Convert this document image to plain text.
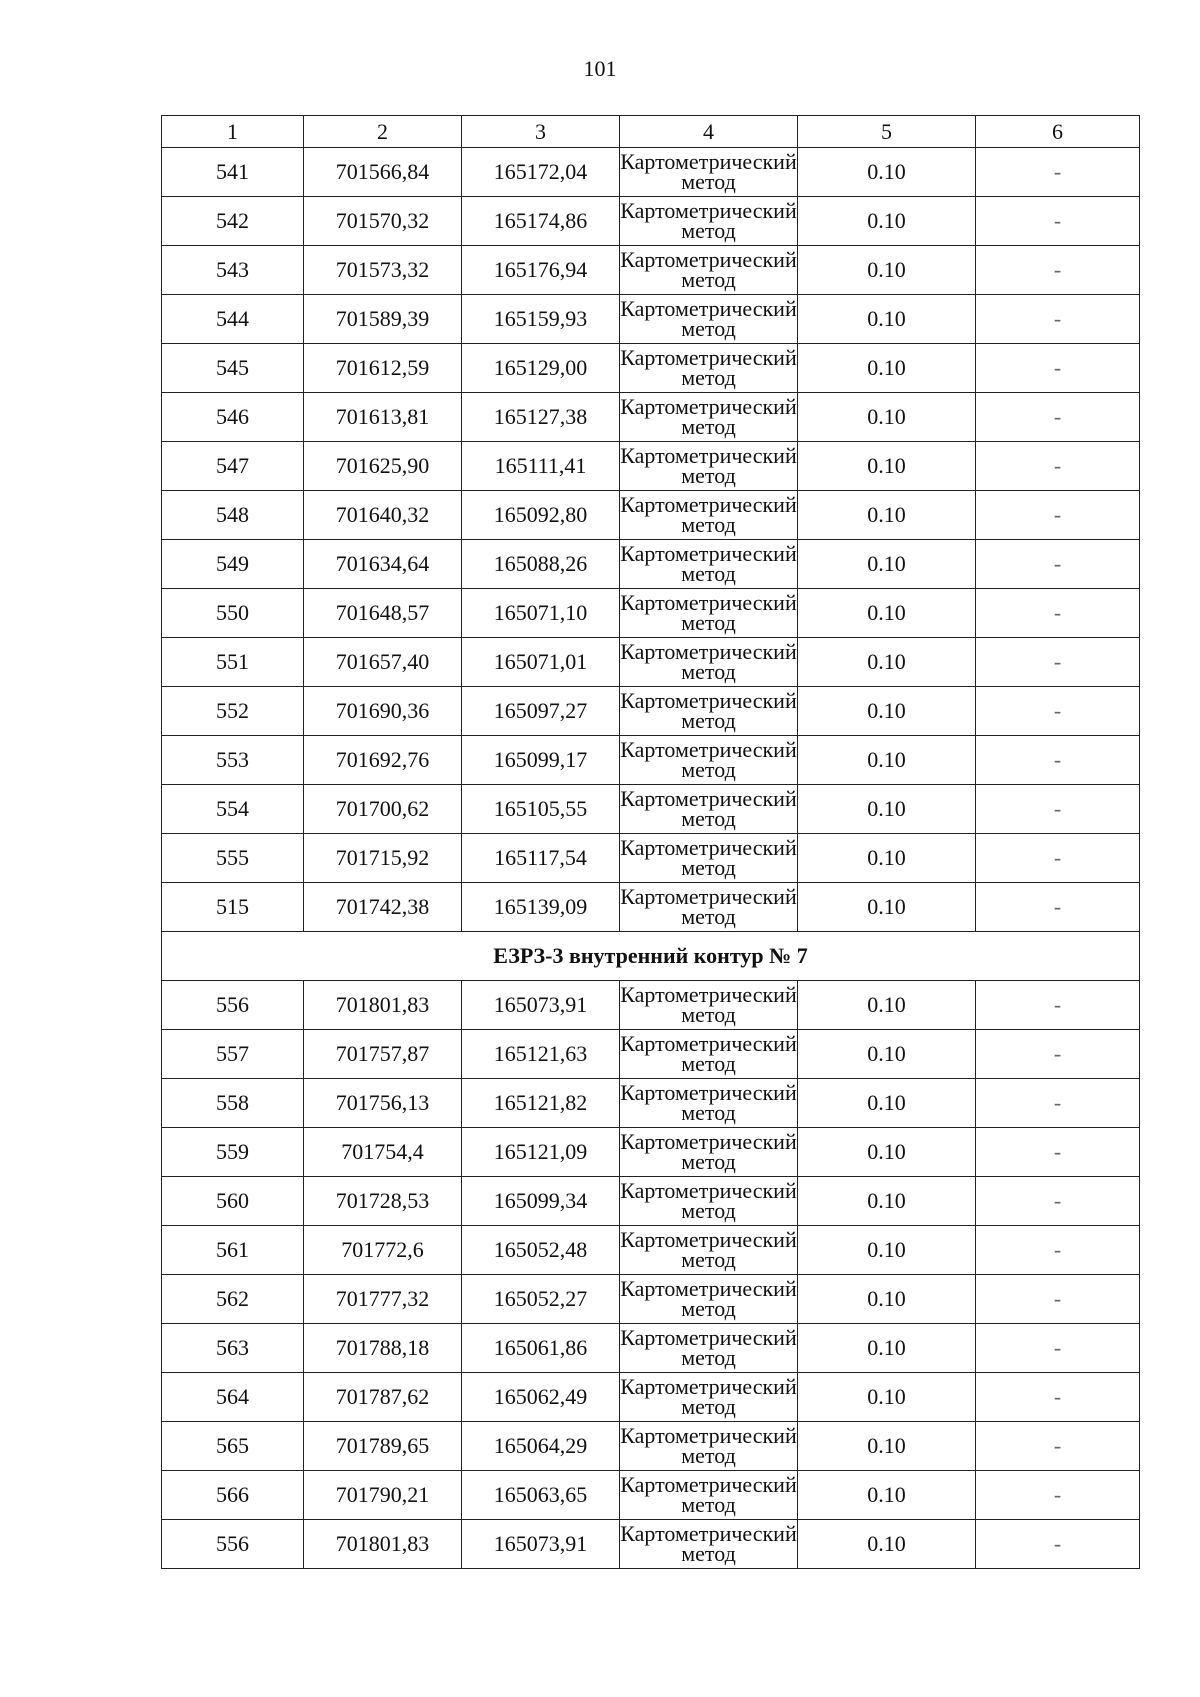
101
1	2	3	4	5	6
541	701566,84	165172,04	Картометрический метод	0.10	-
542	701570,32	165174,86	Картометрический метод	0.10	-
543	701573,32	165176,94	Картометрический метод	0.10	-
544	701589,39	165159,93	Картометрический метод	0.10	-
545	701612,59	165129,00	Картометрический метод	0.10	-
546	701613,81	165127,38	Картометрический метод	0.10	-
547	701625,90	165111,41	Картометрический метод	0.10	-
548	701640,32	165092,80	Картометрический метод	0.10	-
549	701634,64	165088,26	Картометрический метод	0.10	-
550	701648,57	165071,10	Картометрический метод	0.10	-
551	701657,40	165071,01	Картометрический метод	0.10	-
552	701690,36	165097,27	Картометрический метод	0.10	-
553	701692,76	165099,17	Картометрический метод	0.10	-
554	701700,62	165105,55	Картометрический метод	0.10	-
555	701715,92	165117,54	Картометрический метод	0.10	-
515	701742,38	165139,09	Картометрический метод	0.10	-
ЕЗРЗ-3 внутренний контур № 7					
556	701801,83	165073,91	Картометрический метод	0.10	-
557	701757,87	165121,63	Картометрический метод	0.10	-
558	701756,13	165121,82	Картометрический метод	0.10	-
559	701754,4	165121,09	Картометрический метод	0.10	-
560	701728,53	165099,34	Картометрический метод	0.10	-
561	701772,6	165052,48	Картометрический метод	0.10	-
562	701777,32	165052,27	Картометрический метод	0.10	-
563	701788,18	165061,86	Картометрический метод	0.10	-
564	701787,62	165062,49	Картометрический метод	0.10	-
565	701789,65	165064,29	Картометрический метод	0.10	-
566	701790,21	165063,65	Картометрический метод	0.10	-
556	701801,83	165073,91	Картометрический метод	0.10	-
